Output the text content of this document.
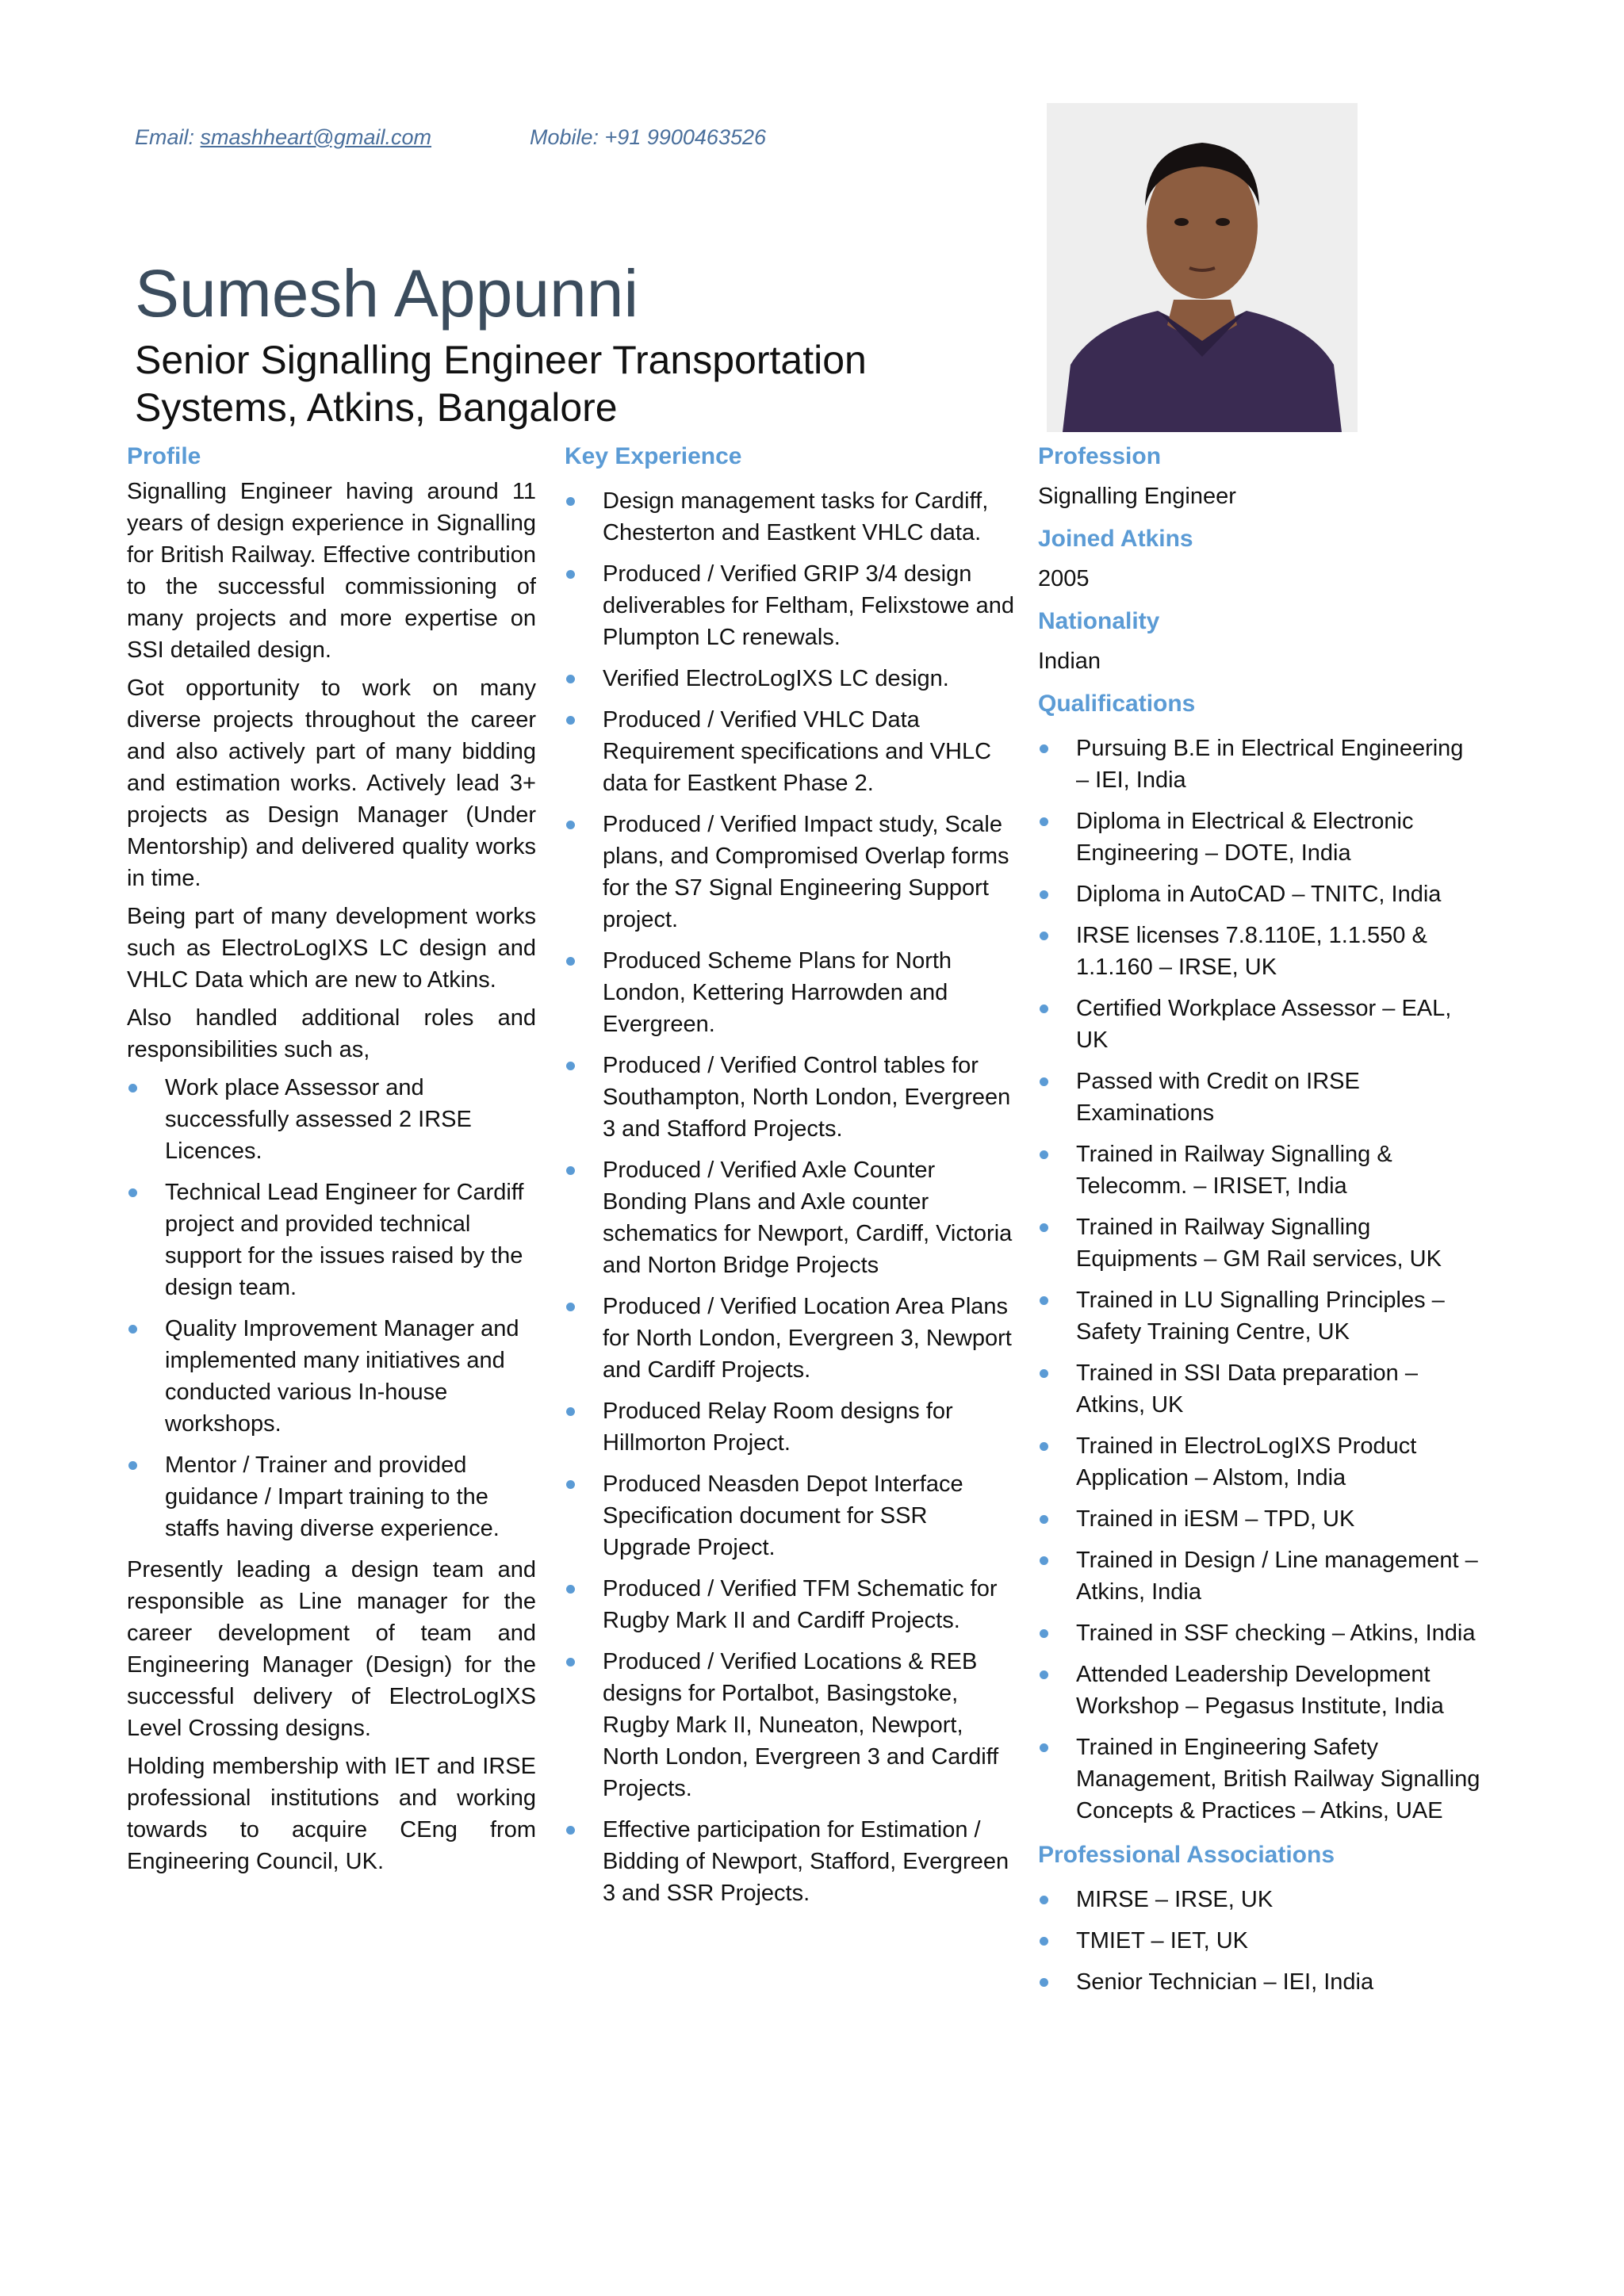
Email: smashheart@gmail.com	Mobile: +91 9900463526
Sumesh Appunni
Senior Signalling Engineer Transportation Systems, Atkins, Bangalore
Profile

Signalling Engineer having around 11 years of design experience in Signalling for British Railway. Effective contribution to the successful commissioning of many projects and more expertise on SSI detailed design.

Got opportunity to work on many diverse projects throughout the career and also actively part of many bidding and estimation works. Actively lead 3+ projects as Design Manager (Under Mentorship) and delivered quality works in time.

Being part of many development works such as ElectroLogIXS LC design and VHLC Data which are new to Atkins.

Also handled additional roles and responsibilities such as,

Work place Assessor and successfully assessed 2 IRSE Licences.
Technical Lead Engineer for Cardiff project and provided technical support for the issues raised by the design team.
Quality Improvement Manager and implemented many initiatives and conducted various In-house workshops.
Mentor / Trainer and provided guidance / Impart training to the staffs having diverse experience.

Presently leading a design team and responsible as Line manager for the career development of team and Engineering Manager (Design) for the successful delivery of ElectroLogIXS Level Crossing designs.

Holding membership with IET and IRSE professional institutions and working towards to acquire CEng from Engineering Council, UK.

Key Experience
Design management tasks for Cardiff, Chesterton and Eastkent VHLC data.
Produced / Verified GRIP 3/4 design deliverables for Feltham, Felixstowe and Plumpton LC renewals.
Verified ElectroLogIXS LC design.
Produced / Verified VHLC Data Requirement specifications and VHLC data for Eastkent Phase 2.
Produced / Verified Impact study, Scale plans, and Compromised Overlap forms for the S7 Signal Engineering Support project.
Produced Scheme Plans for North London, Kettering Harrowden and Evergreen.
Produced / Verified Control tables for Southampton, North London, Evergreen 3 and Stafford Projects.
Produced / Verified Axle Counter Bonding Plans and Axle counter schematics for Newport, Cardiff, Victoria and Norton Bridge Projects
Produced / Verified Location Area Plans for North London, Evergreen 3, Newport and Cardiff Projects.
Produced Relay Room designs for Hillmorton Project.
Produced Neasden Depot Interface Specification document for SSR Upgrade Project.
Produced / Verified TFM Schematic for Rugby Mark II and Cardiff Projects.
Produced / Verified Locations & REB designs for Portalbot, Basingstoke, Rugby Mark II, Nuneaton, Newport, North London, Evergreen 3 and Cardiff Projects.
Effective participation for Estimation / Bidding of Newport, Stafford, Evergreen 3 and SSR Projects.
Profession
Signalling Engineer
Joined Atkins
2005
Nationality
Indian
Qualifications
Pursuing B.E in Electrical Engineering – IEI, India
Diploma in Electrical & Electronic Engineering – DOTE, India
Diploma in AutoCAD – TNITC, India
IRSE licenses 7.8.110E, 1.1.550 & 1.1.160 – IRSE, UK
Certified Workplace Assessor – EAL, UK
Passed with Credit on IRSE Examinations
Trained in Railway Signalling & Telecomm. – IRISET, India
Trained in Railway Signalling Equipments – GM Rail services, UK
Trained in LU Signalling Principles – Safety Training Centre, UK
Trained in SSI Data preparation – Atkins, UK
Trained in ElectroLogIXS Product Application – Alstom, India
Trained in iESM – TPD, UK
Trained in Design / Line management – Atkins, India
Trained in SSF checking – Atkins, India
Attended Leadership Development Workshop – Pegasus Institute, India
Trained in Engineering Safety Management, British Railway Signalling Concepts & Practices – Atkins, UAE
Professional Associations
MIRSE – IRSE, UK
TMIET – IET, UK
Senior Technician – IEI, India
